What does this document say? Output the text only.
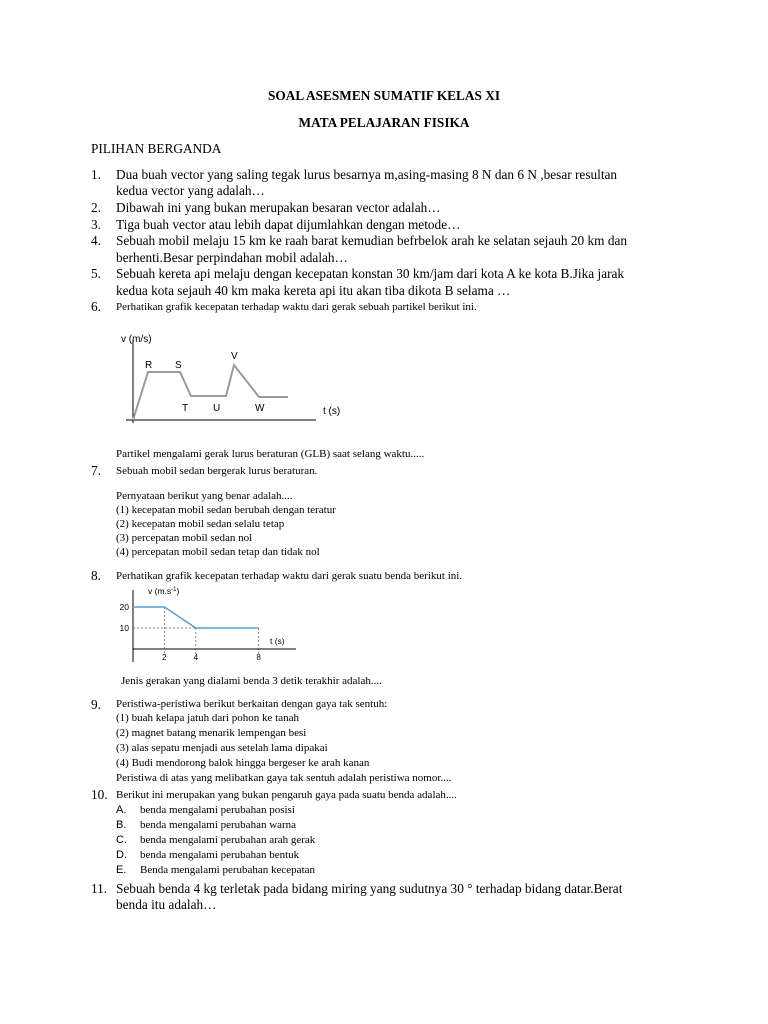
SOAL ASESMEN SUMATIF KELAS XI
MATA PELAJARAN FISIKA
PILIHAN BERGANDA
1. Dua buah vector yang saling tegak lurus besarnya m,asing-masing 8 N dan 6 N ,besar resultan
kedua vector yang adalah…
2. Dibawah ini yang bukan merupakan besaran vector adalah…
3. Tiga buah vector atau lebih dapat dijumlahkan dengan metode…
4. Sebuah mobil melaju 15 km ke raah barat kemudian befrbelok arah ke selatan sejauh 20 km dan
berhenti.Besar perpindahan mobil adalah…
5. Sebuah kereta api melaju dengan kecepatan konstan 30 km/jam dari kota A ke kota B.Jika jarak
kedua kota sejauh 40 km maka kereta api itu akan tiba dikota B selama …
6. Perhatikan grafik kecepatan terhadap waktu dari gerak sebuah partikel berikut ini.
v (m/s)
t (s)
R S
T U
V
W
Partikel mengalami gerak lurus beraturan (GLB) saat selang waktu.....
7. Sebuah mobil sedan bergerak lurus beraturan.
Pernyataan berikut yang benar adalah....
(1) kecepatan mobil sedan berubah dengan teratur
(2) kecepatan mobil sedan selalu tetap
(3) percepatan mobil sedan nol
(4) percepatan mobil sedan tetap dan tidak nol
8. Perhatikan grafik kecepatan terhadap waktu dari gerak suatu benda berikut ini.
10
20
2	4	8
v $(m.s^{-1})$
t (s)
Jenis gerakan yang dialami benda 3 detik terakhir adalah....
9. Peristiwa-peristiwa berikut berkaitan dengan gaya tak sentuh:
(1) buah kelapa jatuh dari pohon ke tanah
(2) magnet batang menarik lempengan besi
(3) alas sepatu menjadi aus setelah lama dipakai
(4) Budi mendorong balok hingga bergeser ke arah kanan
Peristiwa di atas yang melibatkan gaya tak sentuh adalah peristiwa nomor....
10. Berikut ini merupakan yang bukan pengaruh gaya pada suatu benda adalah....
A. benda mengalami perubahan posisi
B. benda mengalami perubahan warna
C. benda mengalami perubahan arah gerak
D. benda mengalami perubahan bentuk
E. Benda mengalami perubahan kecepatan
11. Sebuah benda 4 kg terletak pada bidang miring yang sudutnya 30 ° terhadap bidang datar.Berat
benda itu adalah…
